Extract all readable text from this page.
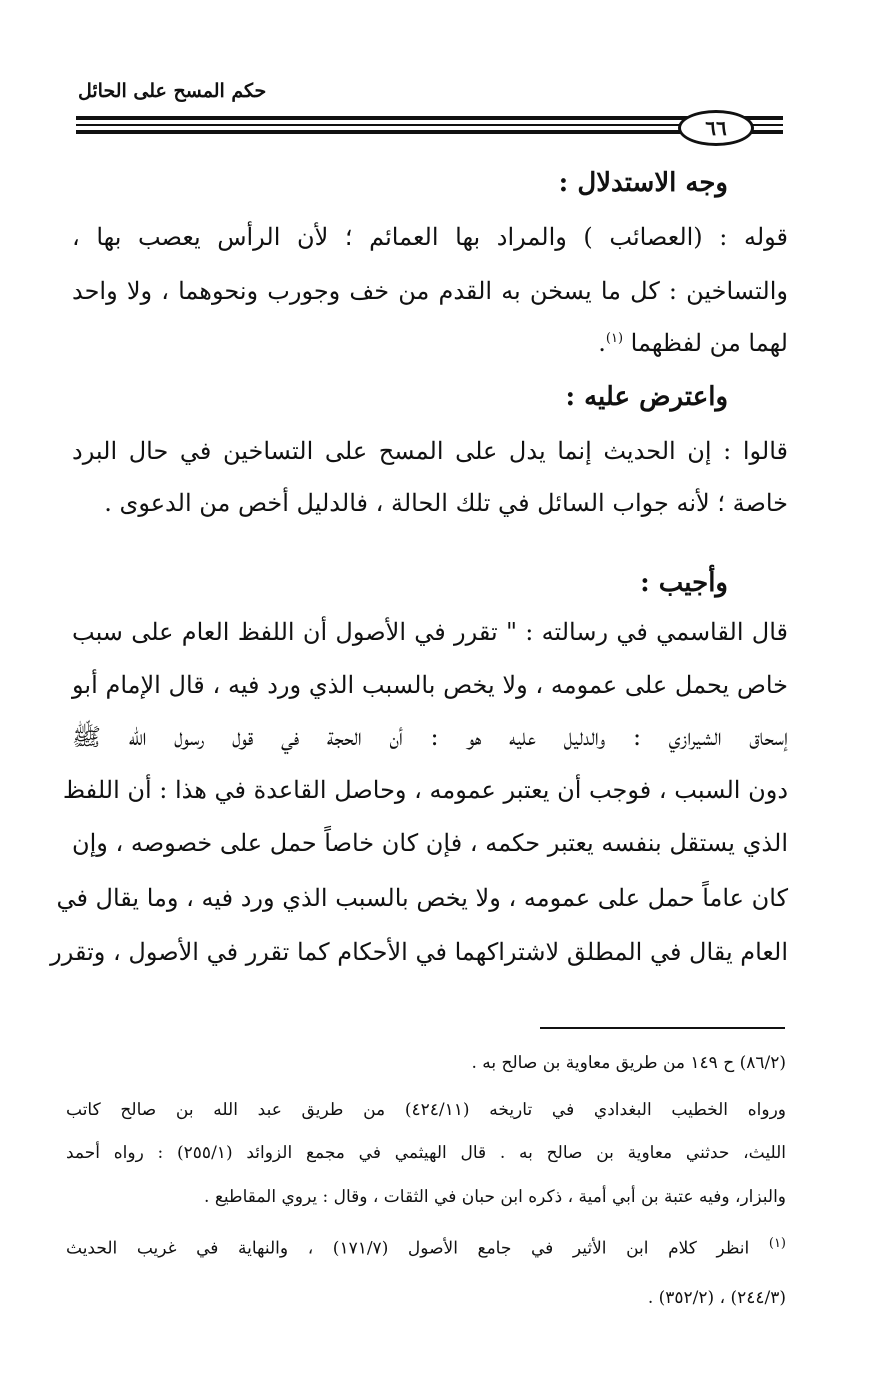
حكم المسح على الحائل
٦٦
وجه الاستدلال :
قوله : (العصائب ) والمراد بها العمائم ؛ لأن الرأس يعصب بها ،
والتساخين : كل ما يسخن به القدم من خف وجورب ونحوهما ، ولا واحد
لهما من لفظهما $^{(١)}$.
واعترض عليه :
قالوا : إن الحديث إنما يدل على المسح على التساخين في حال البرد
خاصة ؛ لأنه جواب السائل في تلك الحالة ، فالدليل أخص من الدعوى .
وأجيب :
قال القاسمي في رسالته : " تقرر في الأصول أن اللفظ العام على سبب
خاص يحمل على عمومه ، ولا يخص بالسبب الذي ورد فيه ، قال الإمام أبو
إسحاق الشيرازي : والدليل عليه هو : أن الحجة في قول رسول الله ﷺ
دون السبب ، فوجب أن يعتبر عمومه ، وحاصل القاعدة في هذا : أن اللفظ
الذي يستقل بنفسه يعتبر حكمه ، فإن كان خاصاً حمل على خصوصه ، وإن
كان عاماً حمل على عمومه ، ولا يخص بالسبب الذي ورد فيه ، وما يقال في
العام يقال في المطلق لاشتراكهما في الأحكام كما تقرر في الأصول ، وتقرر
(٨٦/٢) ح ١٤٩ من طريق معاوية بن صالح به .
ورواه الخطيب البغدادي في تاريخه (٤٢٤/١١) من طريق عبد الله بن صالح كاتب
الليث، حدثني معاوية بن صالح به . قال الهيثمي في مجمع الزوائد (٢٥٥/١) : رواه أحمد
والبزار، وفيه عتبة بن أبي أمية ، ذكره ابن حبان في الثقات ، وقال : يروي المقاطيع .
$^{(١)}$ انظر كلام ابن الأثير في جامع الأصول (١٧١/٧) ، والنهاية في غريب الحديث
(٢٤٤/٣) ، (٣٥٢/٢) .
